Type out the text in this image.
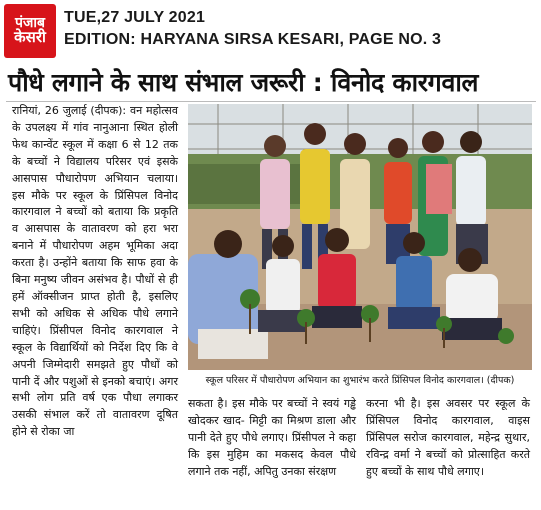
पंजाब
केसरी
TUE,27 JULY 2021
EDITION: HARYANA SIRSA KESARI, PAGE NO. 3
पौधे लगाने के साथ संभाल जरूरी : विनोद कारगवाल

रानियां, 26 जुलाई (दीपक): वन महोत्सव के उपलक्ष्य में गांव नानुआना स्थित होली फेथ कान्वेंट स्कूल में कक्षा 6 से 12 तक के बच्चों ने विद्यालय परिसर एवं इसके आसपास पौधारोपण अभियान चलाया। इस मौके पर स्कूल के प्रिंसिपल विनोद कारगवाल ने बच्चों को बताया कि प्रकृति व आसपास के वातावरण को हरा भरा बनाने में पौधारोपण अहम भूमिका अदा करता है। उन्होंने बताया कि साफ हवा के बिना मनुष्य जीवन असंभव है। पौधों से ही हमें ऑक्सीजन प्राप्त होती है, इसलिए सभी को अधिक से अधिक पौधे लगाने चाहिएं। प्रिंसीपल विनोद कारगवाल ने स्कूल के विद्यार्थियों को निर्देश दिए कि वे अपनी जिम्मेदारी समझते हुए पौधों को पानी दें और पशुओं से इनको बचाएं। अगर सभी लोग प्रति वर्ष एक पौधा लगाकर उसकी संभाल करें तो वातावरण दूषित होने से रोका जा

स्कूल परिसर में पौधारोपण अभियान का शुभारंभ करते प्रिंसिपल विनोद कारगवाल। (दीपक)

सकता है। इस मौके पर बच्चों ने स्वयं गड्ढे खोदकर खाद- मिट्टी का मिश्रण डाला और पानी देते हुए पौधे लगाए। प्रिंसीपल ने कहा कि इस मुहिम का मकसद केवल पौधे लगाने तक नहीं, अपितु उनका संरक्षण

करना भी है। इस अवसर पर स्कूल के प्रिंसिपल विनोद कारगवाल, वाइस प्रिंसिपल सरोज कारगवाल, महेन्द्र सुथार, रविन्द्र वर्मा ने बच्चों को प्रोत्साहित करते हुए बच्चों के साथ पौधे लगाए।
